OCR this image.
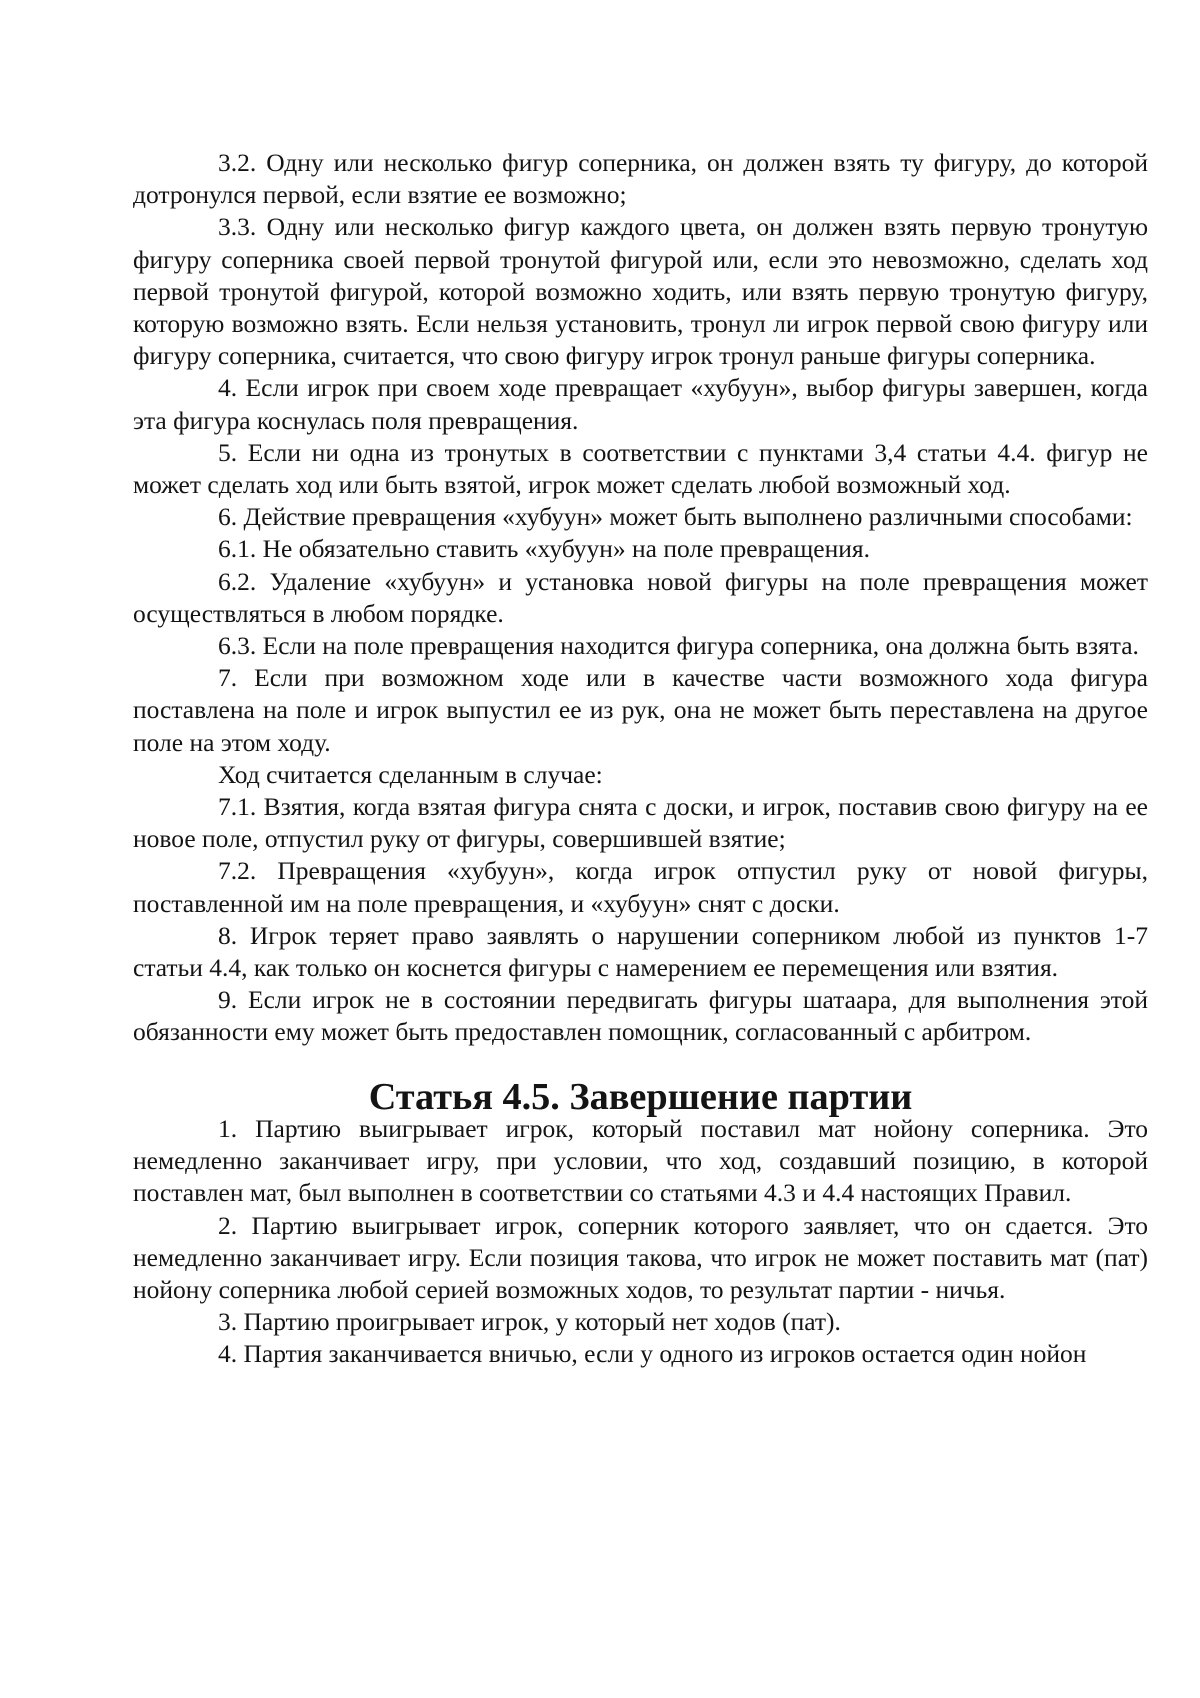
3.2. Одну или несколько фигур соперника, он должен взять ту фигуру, до которой дотронулся первой, если взятие ее возможно;

3.3. Одну или несколько фигур каждого цвета, он должен взять первую тронутую фигуру соперника своей первой тронутой фигурой или, если это невозможно, сделать ход первой тронутой фигурой, которой возможно ходить, или взять первую тронутую фигуру, которую возможно взять. Если нельзя установить, тронул ли игрок первой свою фигуру или фигуру соперника, считается, что свою фигуру игрок тронул раньше фигуры соперника.

4. Если игрок при своем ходе превращает «хубуун», выбор фигуры завершен, когда эта фигура коснулась поля превращения.

5. Если ни одна из тронутых в соответствии с пунктами 3,4 статьи 4.4. фигур не может сделать ход или быть взятой, игрок может сделать любой возможный ход.

6. Действие превращения «хубуун» может быть выполнено различными способами:

6.1. Не обязательно ставить «хубуун» на поле превращения.

6.2. Удаление «хубуун» и установка новой фигуры на поле превращения может осуществляться в любом порядке.

6.3. Если на поле превращения находится фигура соперника, она должна быть взята.

7. Если при возможном ходе или в качестве части возможного хода фигура поставлена на поле и игрок выпустил ее из рук, она не может быть переставлена на другое поле на этом ходу.

Ход считается сделанным в случае:

7.1. Взятия, когда взятая фигура снята с доски, и игрок, поставив свою фигуру на ее новое поле, отпустил руку от фигуры, совершившей взятие;

7.2. Превращения «хубуун», когда игрок отпустил руку от новой фигуры, поставленной им на поле превращения, и «хубуун» снят с доски.

8. Игрок теряет право заявлять о нарушении соперником любой из пунктов 1-7 статьи 4.4, как только он коснется фигуры с намерением ее перемещения или взятия.

9. Если игрок не в состоянии передвигать фигуры шатаара, для выполнения этой обязанности ему может быть предоставлен помощник, согласованный с арбитром.

Статья 4.5. Завершение партии

1. Партию выигрывает игрок, который поставил мат нойону соперника. Это немедленно заканчивает игру, при условии, что ход, создавший позицию, в которой поставлен мат, был выполнен в соответствии со статьями 4.3 и 4.4 настоящих Правил.

2. Партию выигрывает игрок, соперник которого заявляет, что он сдается. Это немедленно заканчивает игру. Если позиция такова, что игрок не может поставить мат (пат) нойону соперника любой серией возможных ходов, то результат партии - ничья.

3. Партию проигрывает игрок, у который нет ходов (пат).

4. Партия заканчивается вничью, если у одного из игроков остается один нойон
